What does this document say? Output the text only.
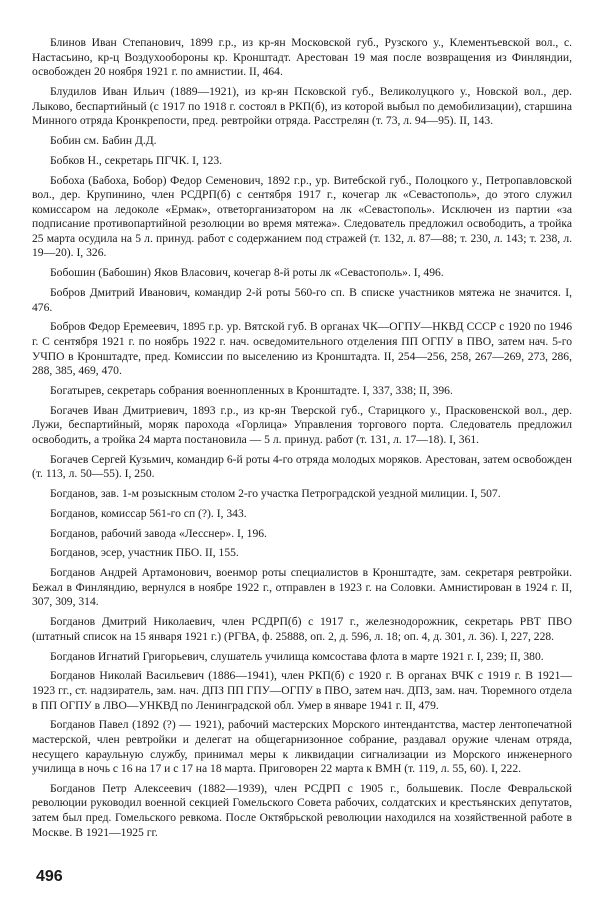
Блинов Иван Степанович, 1899 г.р., из кр-ян Московской губ., Рузского у., Клементьевской вол., с. Настасьино, кр-ц Воздухообороны кр. Кронштадт. Арестован 19 мая после возвращения из Финляндии, освобожден 20 ноября 1921 г. по амнистии. II, 464.

Блудилов Иван Ильич (1889—1921), из кр-ян Псковской губ., Великолуцкого у., Новской вол., дер. Лыково, беспартийный (с 1917 по 1918 г. состоял в РКП(б), из которой выбыл по демобилизации), старшина Минного отряда Кронкрепости, пред. ревтройки отряда. Расстрелян (т. 73, л. 94—95). II, 143.

Бобин см. Бабин Д.Д.

Бобков Н., секретарь ПГЧК. I, 123.

Бобоха (Бабоха, Бобор) Федор Семенович, 1892 г.р., ур. Витебской губ., Полоцкого у., Петропавловской вол., дер. Крупинино, член РСДРП(б) с сентября 1917 г., кочегар лк «Севастополь», до этого служил комиссаром на ледоколе «Ермак», ответорганизатором на лк «Севастополь». Исключен из партии «за подписание противопартийной резолюции во время мятежа». Следователь предложил освободить, а тройка 25 марта осудила на 5 л. принуд. работ с содержанием под стражей (т. 132, л. 87—88; т. 230, л. 143; т. 238, л. 19—20). I, 326.

Бобошин (Бабошин) Яков Власович, кочегар 8-й роты лк «Севастополь». I, 496.

Бобров Дмитрий Иванович, командир 2-й роты 560-го сп. В списке участников мятежа не значится. I, 476.

Бобров Федор Еремеевич, 1895 г.р. ур. Вятской губ. В органах ЧК—ОГПУ—НКВД СССР с 1920 по 1946 г. С сентября 1921 г. по ноябрь 1922 г. нач. осведомительного отделения ПП ОГПУ в ПВО, затем нач. 5-го УЧПО в Кронштадте, пред. Комиссии по выселению из Кронштадта. II, 254—256, 258, 267—269, 273, 286, 288, 385, 469, 470.

Богатырев, секретарь собрания военнопленных в Кронштадте. I, 337, 338; II, 396.

Богачев Иван Дмитриевич, 1893 г.р., из кр-ян Тверской губ., Старицкого у., Прасковенской вол., дер. Лужи, беспартийный, моряк парохода «Горлица» Управления торгового порта. Следователь предложил освободить, а тройка 24 марта постановила — 5 л. принуд. работ (т. 131, л. 17—18). I, 361.

Богачев Сергей Кузьмич, командир 6-й роты 4-го отряда молодых моряков. Арестован, затем освобожден (т. 113, л. 50—55). I, 250.

Богданов, зав. 1-м розыскным столом 2-го участка Петроградской уездной милиции. I, 507.

Богданов, комиссар 561-го сп (?). I, 343.

Богданов, рабочий завода «Лесснер». I, 196.

Богданов, эсер, участник ПБО. II, 155.

Богданов Андрей Артамонович, военмор роты специалистов в Кронштадте, зам. секретаря ревтройки. Бежал в Финляндию, вернулся в ноябре 1922 г., отправлен в 1923 г. на Соловки. Амнистирован в 1924 г. II, 307, 309, 314.

Богданов Дмитрий Николаевич, член РСДРП(б) с 1917 г., железнодорожник, секретарь РВТ ПВО (штатный список на 15 января 1921 г.) (РГВА, ф. 25888, оп. 2, д. 596, л. 18; оп. 4, д. 301, л. 36). I, 227, 228.

Богданов Игнатий Григорьевич, слушатель училища комсостава флота в марте 1921 г. I, 239; II, 380.

Богданов Николай Васильевич (1886—1941), член РКП(б) с 1920 г. В органах ВЧК с 1919 г. В 1921—1923 гг., ст. надзиратель, зам. нач. ДПЗ ПП ГПУ—ОГПУ в ПВО, затем нач. ДПЗ, зам. нач. Тюремного отдела в ПП ОГПУ в ЛВО—УНКВД по Ленинградской обл. Умер в январе 1941 г. II, 479.

Богданов Павел (1892 (?) — 1921), рабочий мастерских Морского интендантства, мастер лентопечатной мастерской, член ревтройки и делегат на общегарнизонное собрание, раздавал оружие членам отряда, несущего караульную службу, принимал меры к ликвидации сигнализации из Морского инженерного училища в ночь с 16 на 17 и с 17 на 18 марта. Приговорен 22 марта к ВМН (т. 119, л. 55, 60). I, 222.

Богданов Петр Алексеевич (1882—1939), член РСДРП с 1905 г., большевик. После Февральской революции руководил военной секцией Гомельского Совета рабочих, солдатских и крестьянских депутатов, затем был пред. Гомельского ревкома. После Октябрьской революции находился на хозяйственной работе в Москве. В 1921—1925 гг.

496
